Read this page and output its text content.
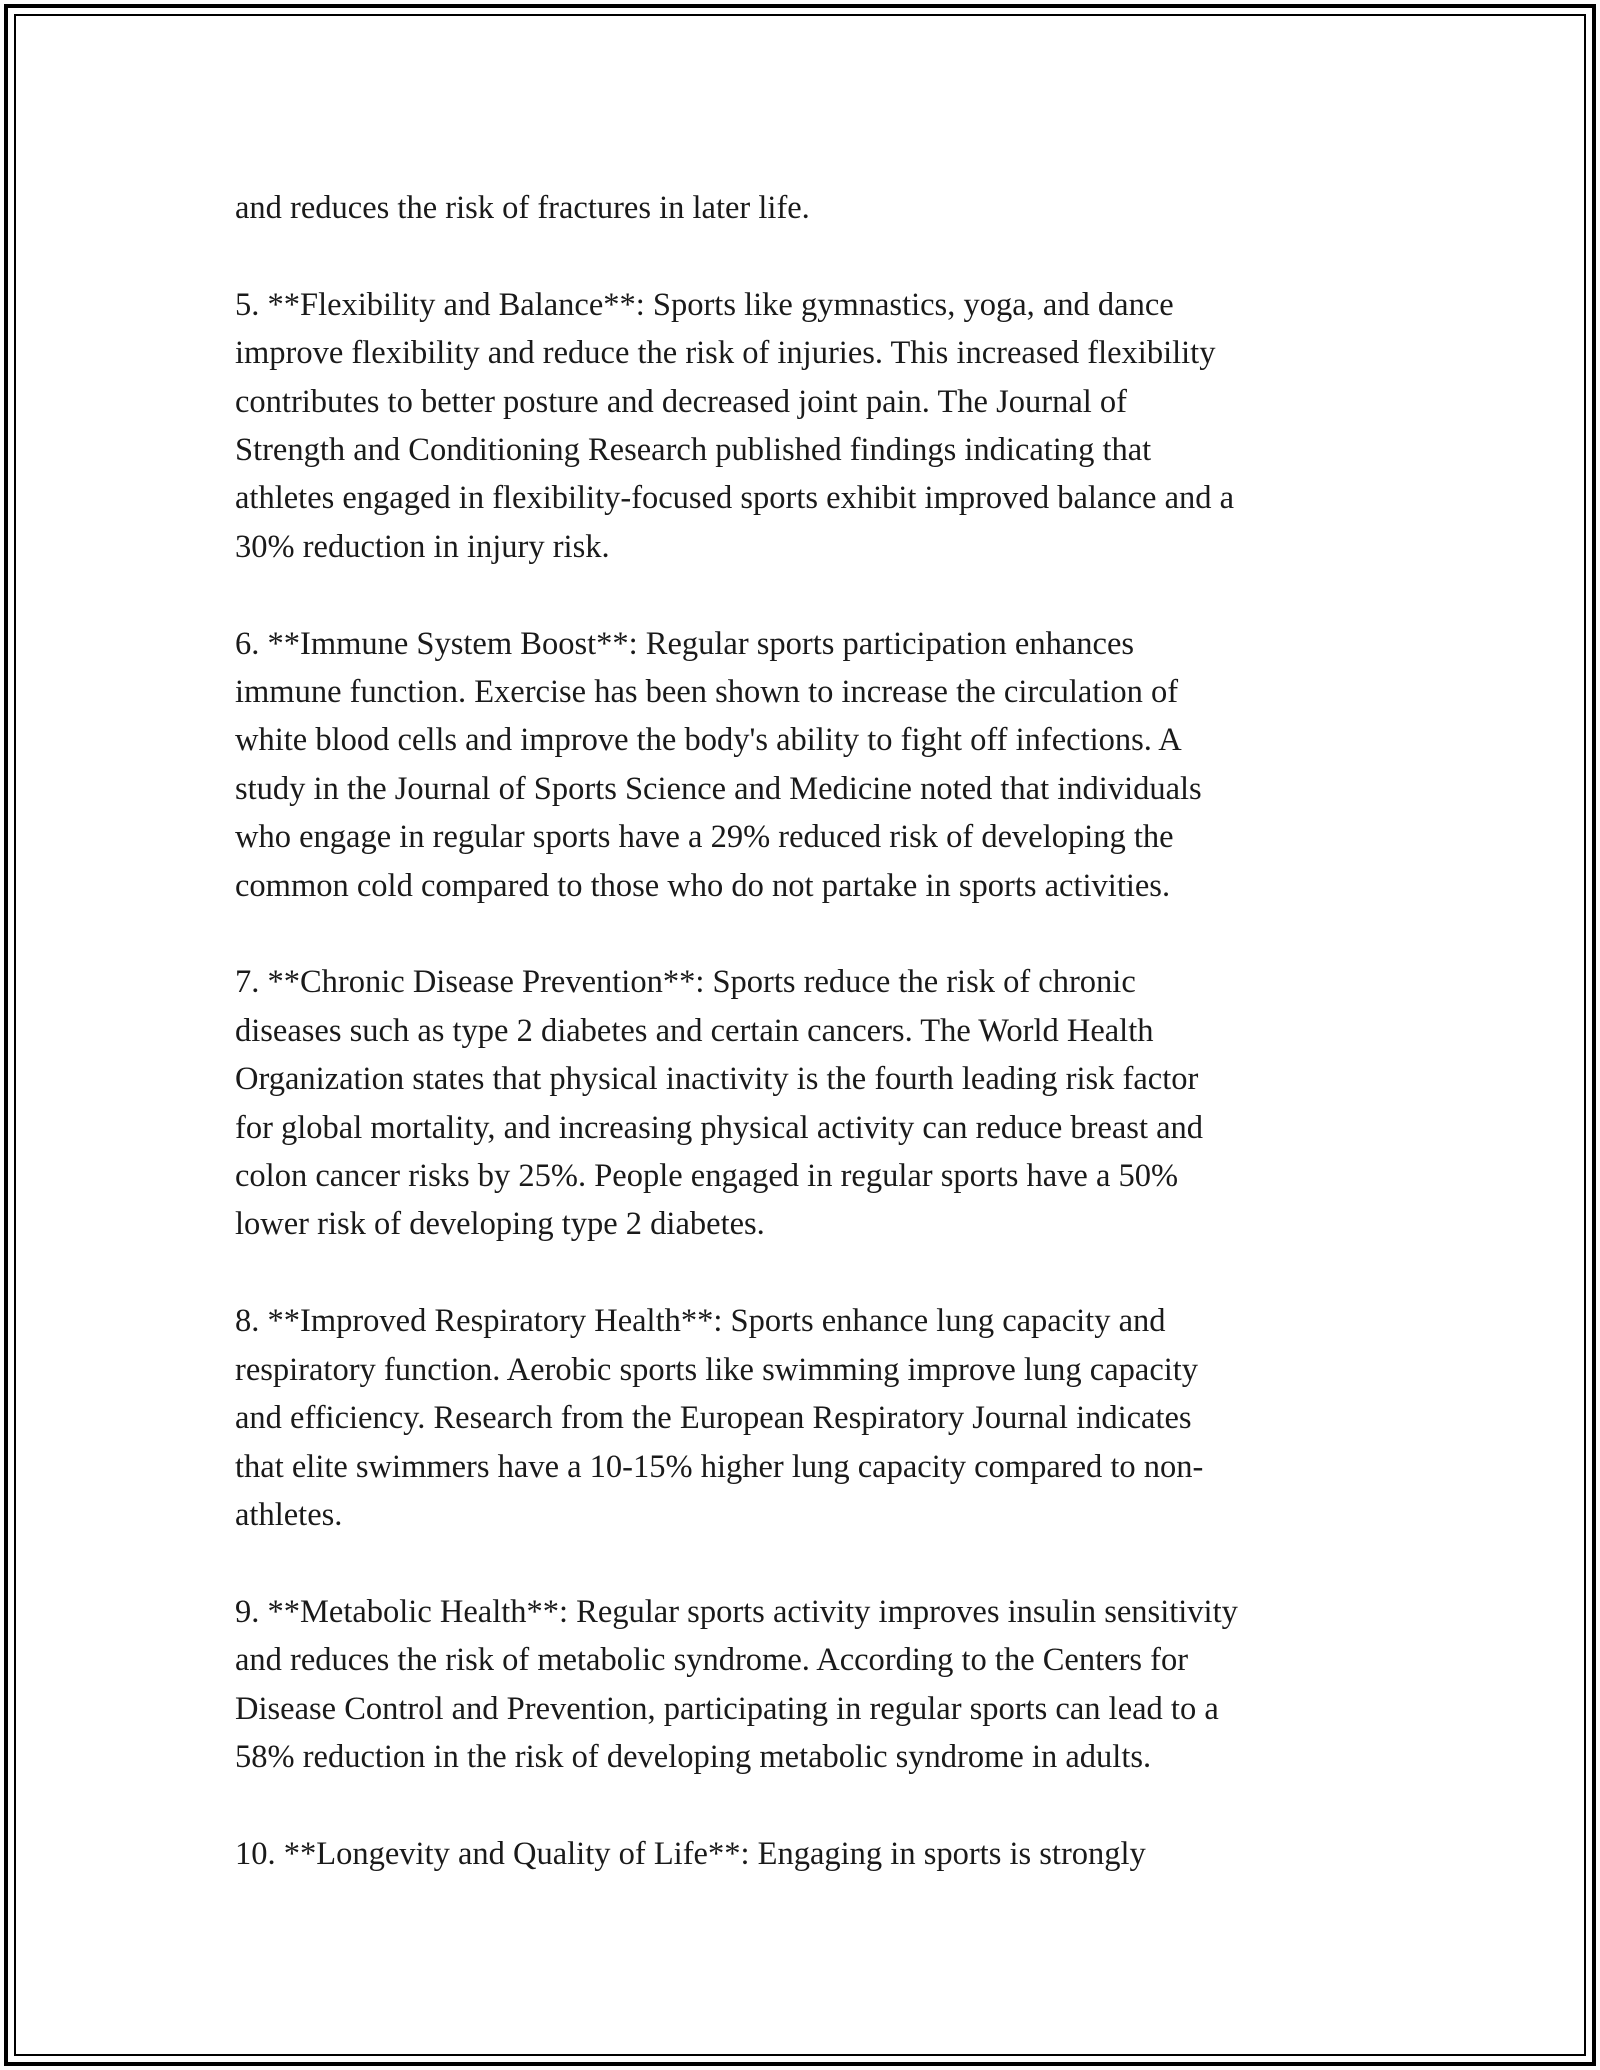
and reduces the risk of fractures in later life.

5. **Flexibility and Balance**: Sports like gymnastics, yoga, and dance
improve flexibility and reduce the risk of injuries. This increased flexibility
contributes to better posture and decreased joint pain. The Journal of
Strength and Conditioning Research published findings indicating that
athletes engaged in flexibility-focused sports exhibit improved balance and a
30% reduction in injury risk.

6. **Immune System Boost**: Regular sports participation enhances
immune function. Exercise has been shown to increase the circulation of
white blood cells and improve the body's ability to fight off infections. A
study in the Journal of Sports Science and Medicine noted that individuals
who engage in regular sports have a 29% reduced risk of developing the
common cold compared to those who do not partake in sports activities.

7. **Chronic Disease Prevention**: Sports reduce the risk of chronic
diseases such as type 2 diabetes and certain cancers. The World Health
Organization states that physical inactivity is the fourth leading risk factor
for global mortality, and increasing physical activity can reduce breast and
colon cancer risks by 25%. People engaged in regular sports have a 50%
lower risk of developing type 2 diabetes.

8. **Improved Respiratory Health**: Sports enhance lung capacity and
respiratory function. Aerobic sports like swimming improve lung capacity
and efficiency. Research from the European Respiratory Journal indicates
that elite swimmers have a 10-15% higher lung capacity compared to non-
athletes.

9. **Metabolic Health**: Regular sports activity improves insulin sensitivity
and reduces the risk of metabolic syndrome. According to the Centers for
Disease Control and Prevention, participating in regular sports can lead to a
58% reduction in the risk of developing metabolic syndrome in adults.

10. **Longevity and Quality of Life**: Engaging in sports is strongly
